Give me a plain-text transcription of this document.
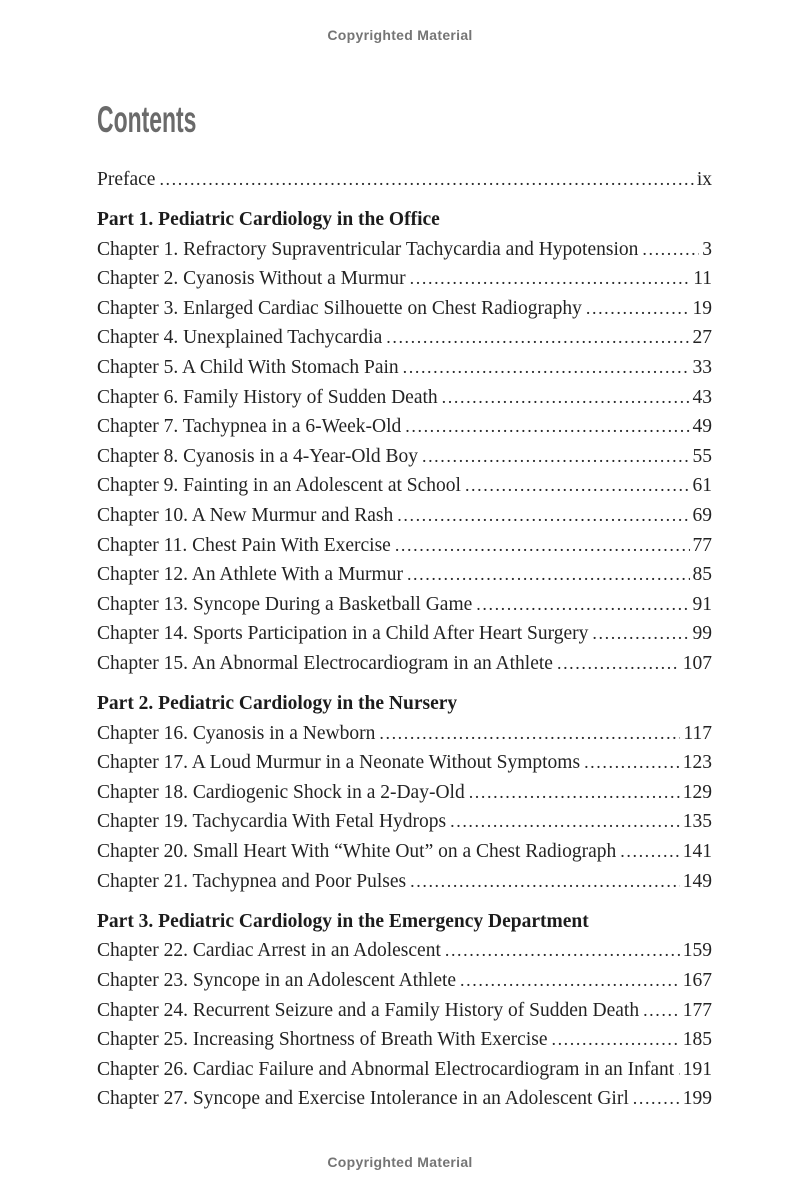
Copyrighted Material
Contents
Preface .....	ix
Part 1. Pediatric Cardiology in the Office
Chapter 1. Refractory Supraventricular Tachycardia and Hypotension .....	3
Chapter 2. Cyanosis Without a Murmur .....	11
Chapter 3. Enlarged Cardiac Silhouette on Chest Radiography .....	19
Chapter 4. Unexplained Tachycardia .....	27
Chapter 5. A Child With Stomach Pain .....	33
Chapter 6. Family History of Sudden Death .....	43
Chapter 7. Tachypnea in a 6-Week-Old .....	49
Chapter 8. Cyanosis in a 4-Year-Old Boy .....	55
Chapter 9. Fainting in an Adolescent at School .....	61
Chapter 10. A New Murmur and Rash .....	69
Chapter 11. Chest Pain With Exercise .....	77
Chapter 12. An Athlete With a Murmur .....	85
Chapter 13. Syncope During a Basketball Game .....	91
Chapter 14. Sports Participation in a Child After Heart Surgery .....	99
Chapter 15. An Abnormal Electrocardiogram in an Athlete .....	107
Part 2. Pediatric Cardiology in the Nursery
Chapter 16. Cyanosis in a Newborn .....	117
Chapter 17. A Loud Murmur in a Neonate Without Symptoms .....	123
Chapter 18. Cardiogenic Shock in a 2-Day-Old .....	129
Chapter 19. Tachycardia With Fetal Hydrops .....	135
Chapter 20. Small Heart With “White Out” on a Chest Radiograph .....	141
Chapter 21. Tachypnea and Poor Pulses .....	149
Part 3. Pediatric Cardiology in the Emergency Department
Chapter 22. Cardiac Arrest in an Adolescent .....	159
Chapter 23. Syncope in an Adolescent Athlete .....	167
Chapter 24. Recurrent Seizure and a Family History of Sudden Death ..... 177
Chapter 25. Increasing Shortness of Breath With Exercise .....	185
Chapter 26. Cardiac Failure and Abnormal Electrocardiogram in an Infant ..... 191
Chapter 27. Syncope and Exercise Intolerance in an Adolescent Girl .....	199
Copyrighted Material
